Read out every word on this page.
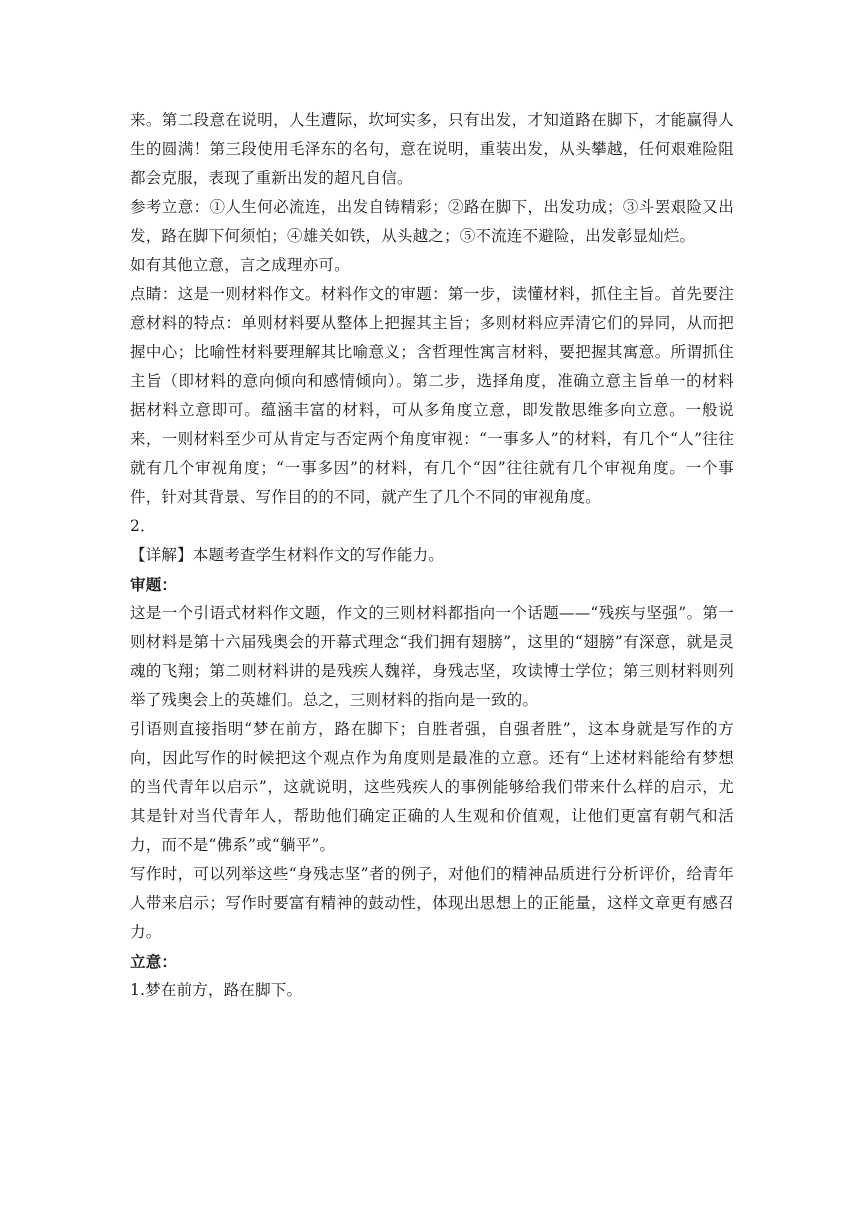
来。第二段意在说明，人生遭际，坎坷实多，只有出发，才知道路在脚下，才能赢得人生的圆满！第三段使用毛泽东的名句，意在说明，重装出发，从头攀越，任何艰难险阻都会克服，表现了重新出发的超凡自信。

参考立意：①人生何必流连，出发自铸精彩；②路在脚下，出发功成；③斗罢艰险又出发，路在脚下何须怕；④雄关如铁，从头越之；⑤不流连不避险，出发彰显灿烂。

如有其他立意，言之成理亦可。

点睛：这是一则材料作文。材料作文的审题：第一步，读懂材料，抓住主旨。首先要注意材料的特点：单则材料要从整体上把握其主旨；多则材料应弄清它们的异同，从而把握中心；比喻性材料要理解其比喻意义；含哲理性寓言材料，要把握其寓意。所谓抓住主旨（即材料的意向倾向和感情倾向）。第二步，选择角度，准确立意主旨单一的材料据材料立意即可。蕴涵丰富的材料，可从多角度立意，即发散思维多向立意。一般说来，一则材料至少可从肯定与否定两个角度审视：“一事多人”的材料，有几个“人”往往就有几个审视角度；“一事多因”的材料，有几个“因”往往就有几个审视角度。一个事件，针对其背景、写作目的的不同，就产生了几个不同的审视角度。

2．

【详解】本题考查学生材料作文的写作能力。

审题：

这是一个引语式材料作文题，作文的三则材料都指向一个话题——“残疾与坚强”。第一则材料是第十六届残奥会的开幕式理念“我们拥有翅膀”，这里的“翅膀”有深意，就是灵魂的飞翔；第二则材料讲的是残疾人魏祥，身残志坚，攻读博士学位；第三则材料则列举了残奥会上的英雄们。总之，三则材料的指向是一致的。

引语则直接指明“梦在前方，路在脚下；自胜者强，自强者胜”，这本身就是写作的方向，因此写作的时候把这个观点作为角度则是最准的立意。还有“上述材料能给有梦想的当代青年以启示”，这就说明，这些残疾人的事例能够给我们带来什么样的启示，尤其是针对当代青年人，帮助他们确定正确的人生观和价值观，让他们更富有朝气和活力，而不是“佛系”或“躺平”。

写作时，可以列举这些“身残志坚”者的例子，对他们的精神品质进行分析评价，给青年人带来启示；写作时要富有精神的鼓动性，体现出思想上的正能量，这样文章更有感召力。

立意：

1.梦在前方，路在脚下。
